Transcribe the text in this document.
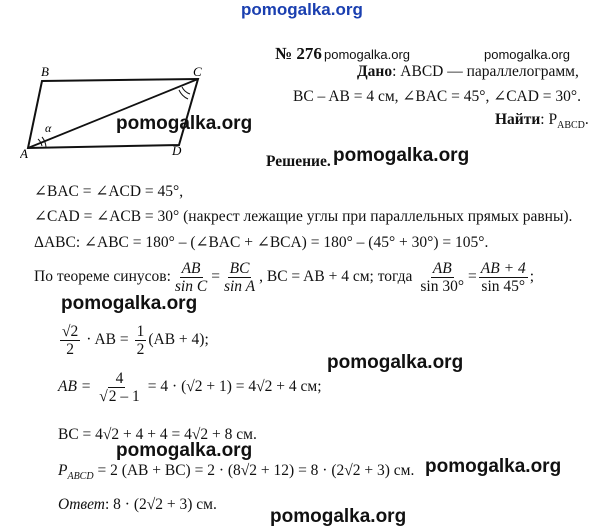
pomogalka.org
B	C
A	D
α
№ 276 pomogalka.org	pomogalka.org
Дано: ABCD — параллелограмм,
BC – AB = 4 см, ∠BAC = 45°, ∠CAD = 30°.
Найти: $P_{ABCD}$.
pomogalka.org
Решение. pomogalka.org
∠BAC = ∠ACD = 45°,
∠CAD = ∠ACB = 30° (накрест лежащие углы при параллельных прямых равны).
ΔABC: ∠ABC = 180° – (∠BAC + ∠BCA) = 180° – (45° + 30°) = 105°.
По теореме синусов: $\frac{AB}{\text{sin C}} = \frac{BC}{\text{sin A}}$ , BC = AB + 4 см; тогда $\frac{AB}{\sin 30^\circ} = \frac{AB + 4}{\sin 45^\circ}$ ;
pomogalka.org
$\frac{√2}{2}$ · AB = $\frac{1}{2} (AB + 4)$;
pomogalka.org
AB = $\frac{4}{√2 - 1} = 4 \cdot (√2 + 1) = 4√2 + 4$ см;
BC = 4√2 + 4 + 4 = 4√2 + 8 см.
pomogalka.org
$P_{ABCD} = 2$ (AB + BC) = 2 · (8√2 + 12) = 8 · (2√2 + 3) см. pomogalka.org
Ответ: 8 · (2√2 + 3) см.
pomogalka.org
